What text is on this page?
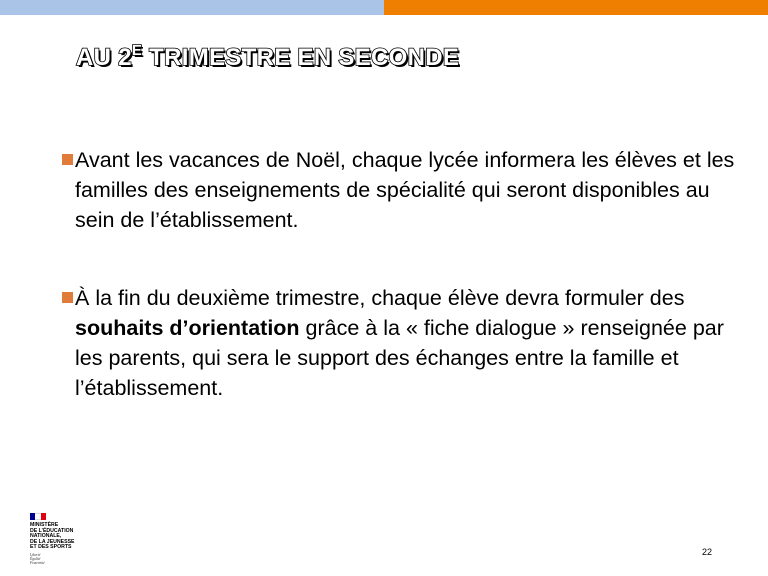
AU $2^E$ TRIMESTRE EN SECONDE
Avant les vacances de Noël, chaque lycée informera les élèves et les familles des enseignements de spécialité qui seront disponibles au sein de l’établissement.
À la fin du deuxième trimestre, chaque élève devra formuler des souhaits d’orientation grâce à la « fiche dialogue » renseignée par les parents, qui sera le support des échanges entre la famille et l’établissement.
MINISTÈRE
DE L’ÉDUCATION
NATIONALE,
DE LA JEUNESSE
ET DES SPORTS
Liberté
Égalité
Fraternité
22
